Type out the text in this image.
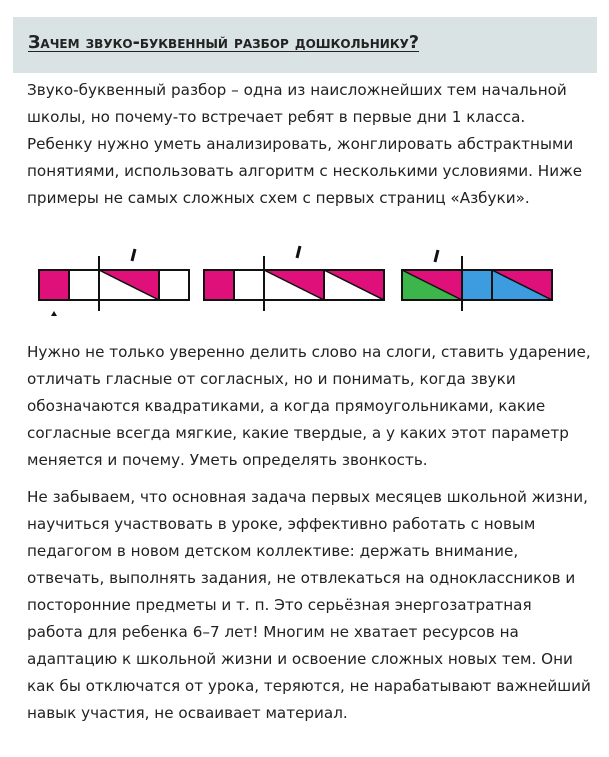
Зачем звуко-буквенный разбор дошкольнику?

Звуко-буквенный разбор – одна из наисложнейших тем начальной школы, но почему-то встречает ребят в первые дни 1 класса. Ребенку нужно уметь анализировать, жонглировать абстрактными понятиями, использовать алгоритм с несколькими условиями. Ниже примеры не самых сложных схем с первых страниц «Азбуки».

Нужно не только уверенно делить слово на слоги, ставить ударение, отличать гласные от согласных, но и понимать, когда звуки обозначаются квадратиками, а когда прямоугольниками, какие согласные всегда мягкие, какие твердые, а у каких этот параметр меняется и почему. Уметь определять звонкость.

Не забываем, что основная задача первых месяцев школьной жизни, научиться участвовать в уроке, эффективно работать с новым педагогом в новом детском коллективе: держать внимание, отвечать, выполнять задания, не отвлекаться на одноклассников и посторонние предметы и т. п. Это серьёзная энергозатратная работа для ребенка 6–7 лет! Многим не хватает ресурсов на адаптацию к школьной жизни и освоение сложных новых тем. Они как бы отключатся от урока, теряются, не нарабатывают важнейший навык участия, не осваивает материал.
